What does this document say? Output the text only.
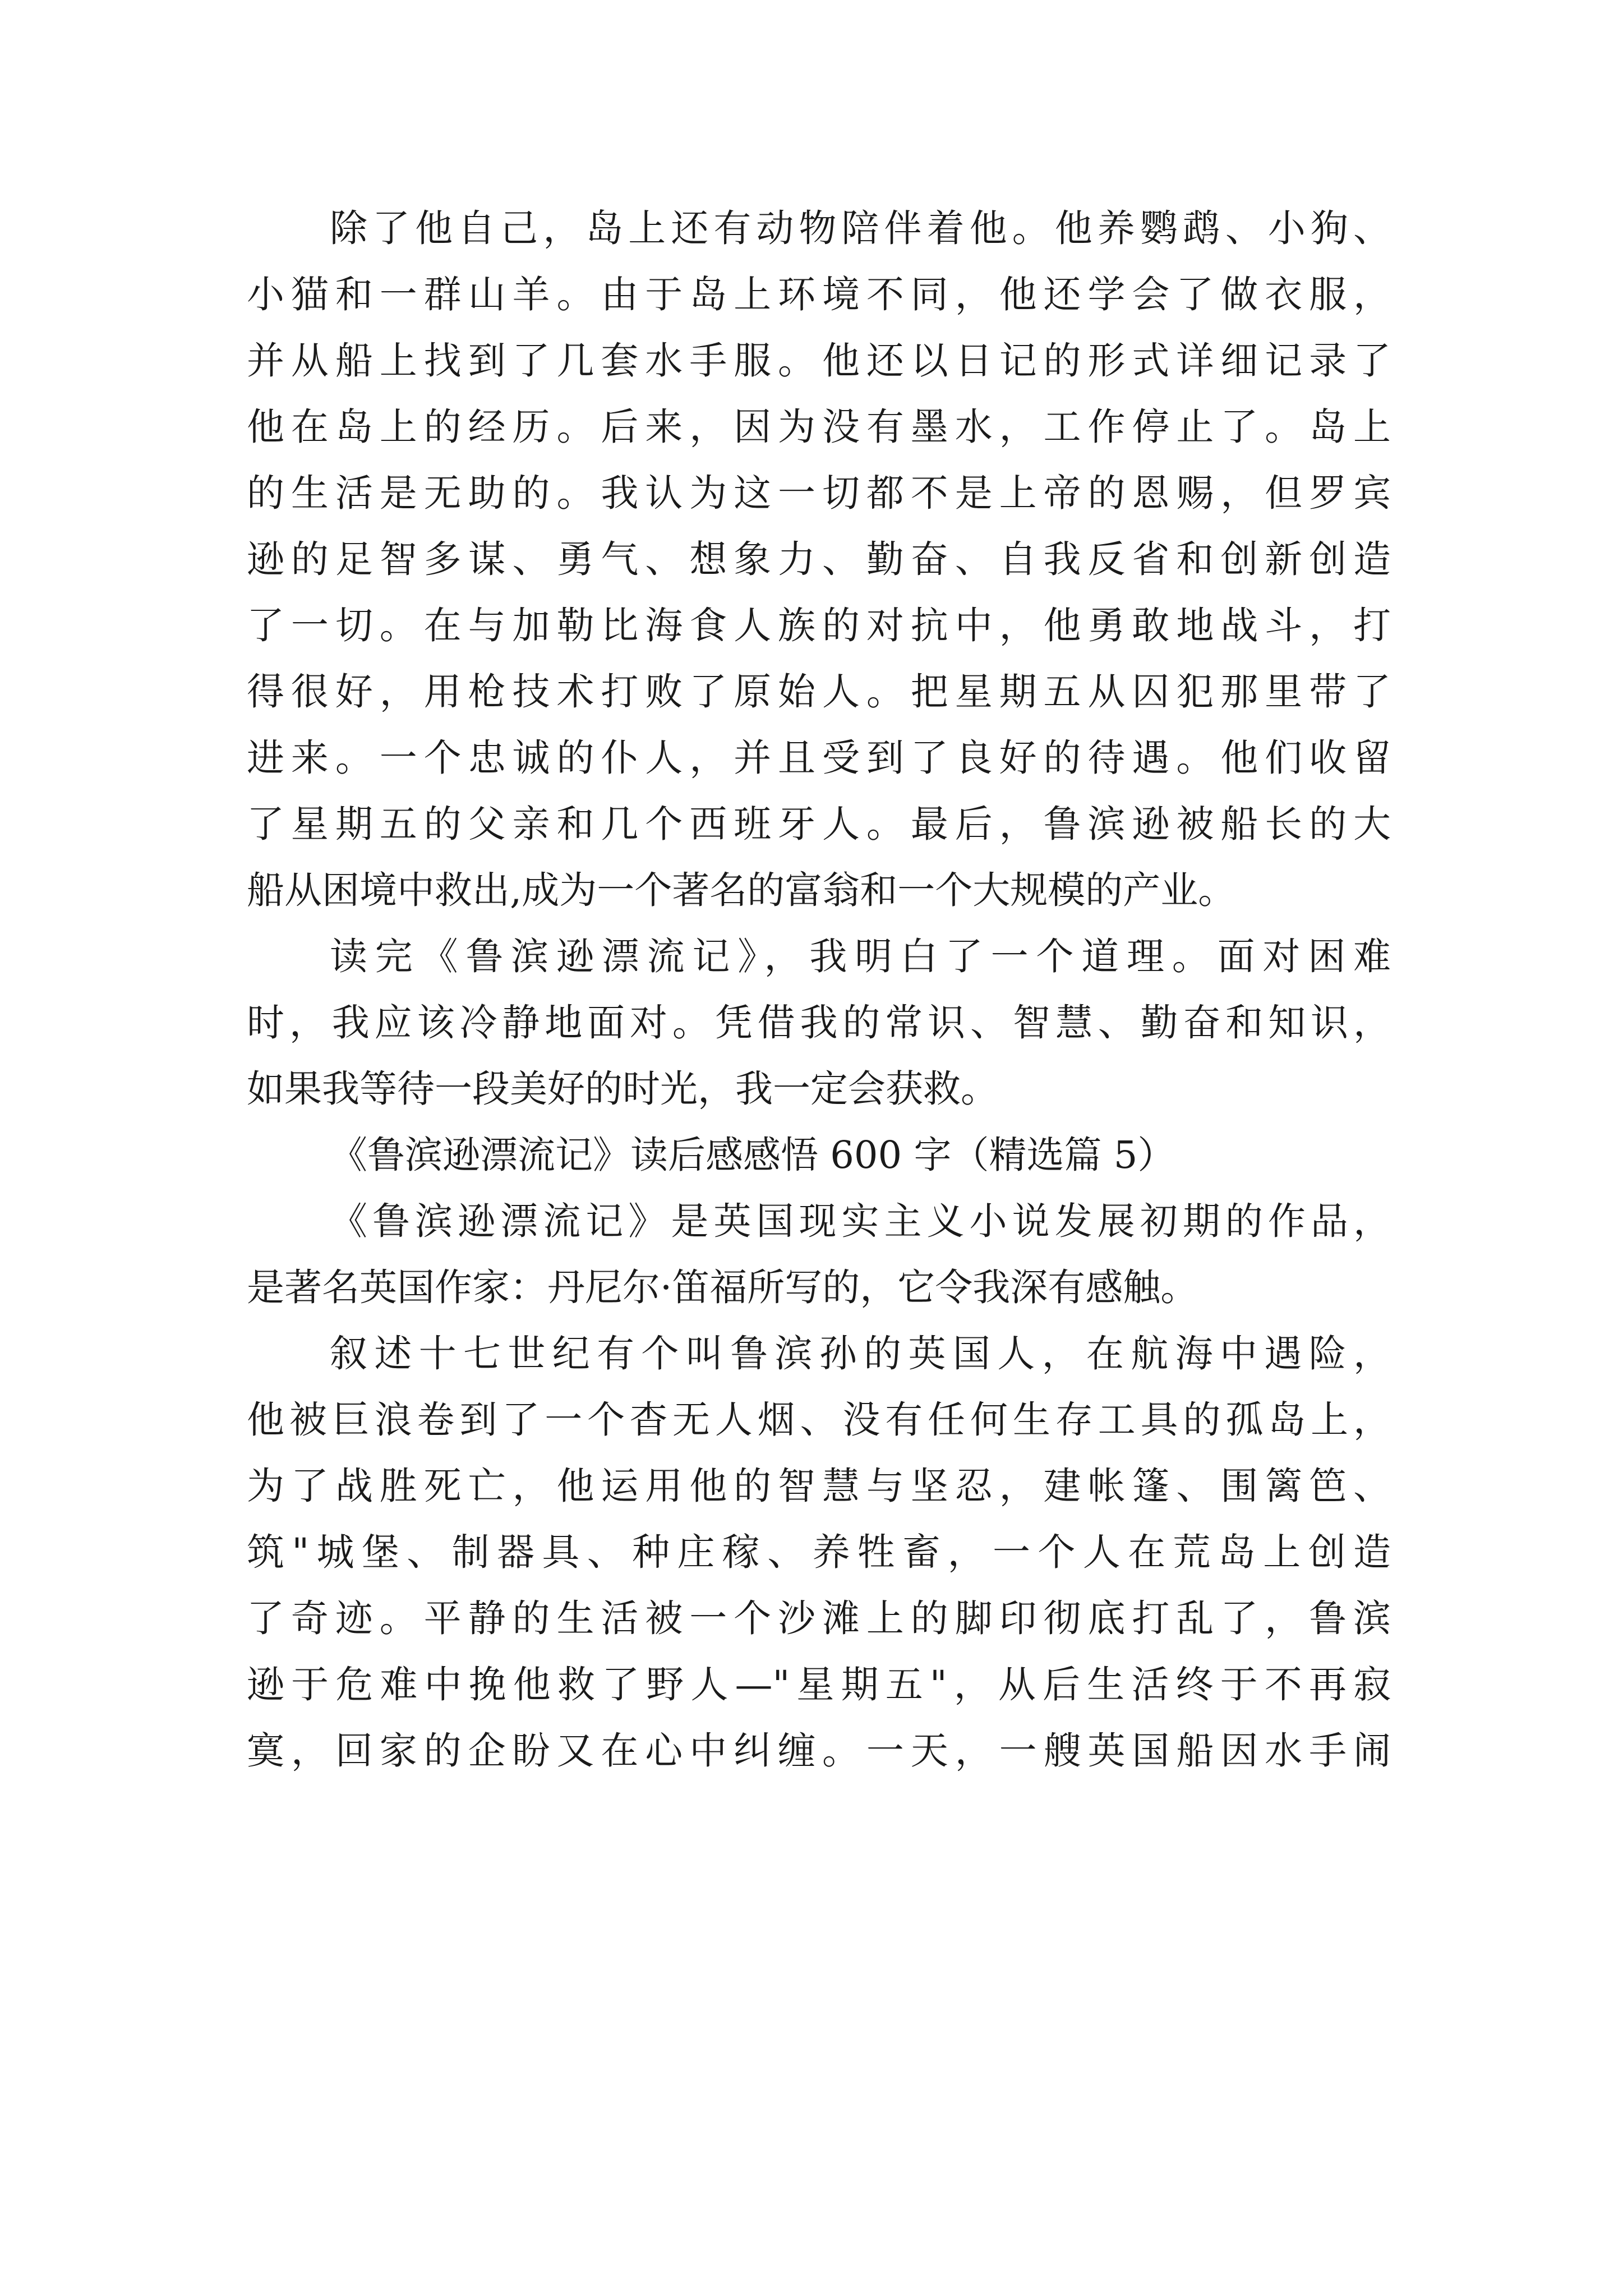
除了他自己，岛上还有动物陪伴着他。他养鹦鹉、小狗、
小猫和一群山羊。由于岛上环境不同，他还学会了做衣服，
并从船上找到了几套水手服。他还以日记的形式详细记录了
他在岛上的经历。后来，因为没有墨水，工作停止了。岛上
的生活是无助的。我认为这一切都不是上帝的恩赐，但罗宾
逊的足智多谋、勇气、想象力、勤奋、自我反省和创新创造
了一切。在与加勒比海食人族的对抗中，他勇敢地战斗，打
得很好，用枪技术打败了原始人。把星期五从囚犯那里带了
进来。一个忠诚的仆人，并且受到了良好的待遇。他们收留
了星期五的父亲和几个西班牙人。最后，鲁滨逊被船长的大
船从困境中救出,成为一个著名的富翁和一个大规模的产业。
读完《鲁滨逊漂流记》，我明白了一个道理。面对困难
时，我应该冷静地面对。凭借我的常识、智慧、勤奋和知识，
如果我等待一段美好的时光，我一定会获救。
《鲁滨逊漂流记》读后感感悟 600 字（精选篇 5）
《鲁滨逊漂流记》是英国现实主义小说发展初期的作品，
是著名英国作家：丹尼尔·笛福所写的，它令我深有感触。
叙述十七世纪有个叫鲁滨孙的英国人，在航海中遇险，
他被巨浪卷到了一个杳无人烟、没有任何生存工具的孤岛上，
为了战胜死亡，他运用他的智慧与坚忍，建帐篷、围篱笆、
筑"城堡、制器具、种庄稼、养牲畜，一个人在荒岛上创造
了奇迹。平静的生活被一个沙滩上的脚印彻底打乱了，鲁滨
逊于危难中挽他救了野人—"星期五"，从后生活终于不再寂
寞，回家的企盼又在心中纠缠。一天，一艘英国船因水手闹
